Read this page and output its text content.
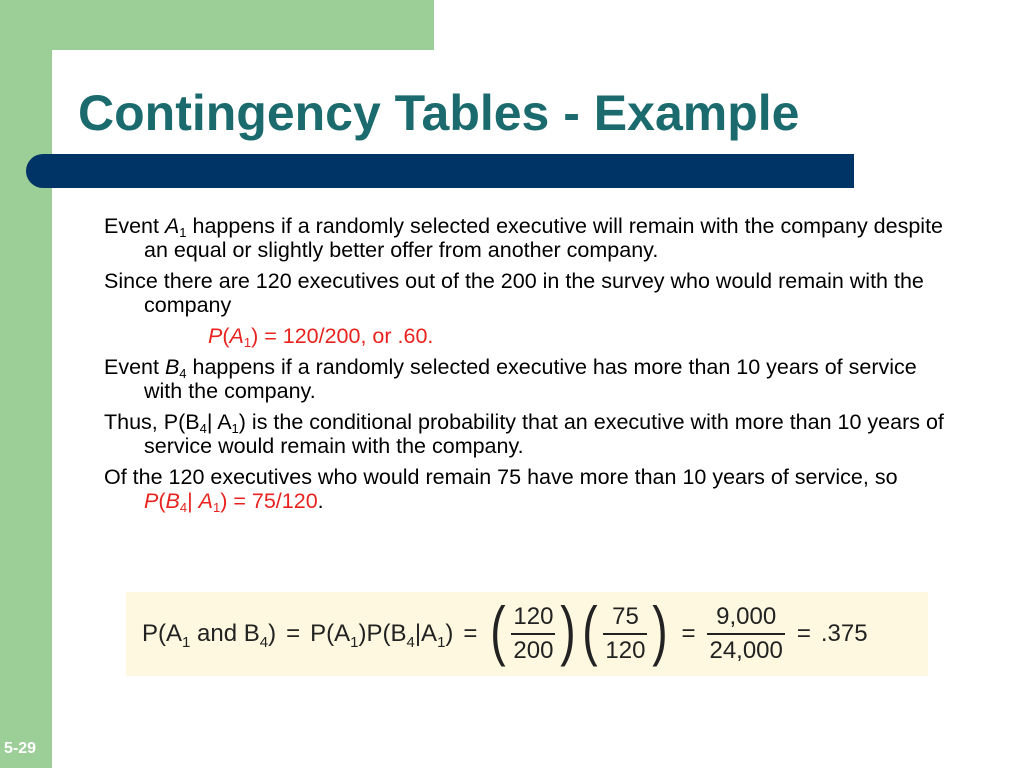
Contingency Tables - Example

Event $A_1$ happens if a randomly selected executive will remain with the company despite an equal or slightly better offer from another company.

Since there are 120 executives out of the 200 in the survey who would remain with the company

$P(A_1) = 120/200$, or .60.

Event $B_4$ happens if a randomly selected executive has more than 10 years of service with the company.

Thus, $P(B_4|$ $A_1$) is the conditional probability that an executive with more than 10 years of service would remain with the company.

Of the 120 executives who would remain 75 have more than 10 years of service, so $P(B_4|$ $A_1) = 75/120$.

$P(A_1$ and $B_4) = P(A_1)P(B_4|A_1)$ = ( $\frac{120}{200}$ ) ( $\frac{75}{120}$ ) = $\frac{9,000}{24,000} = .375$
5-29
